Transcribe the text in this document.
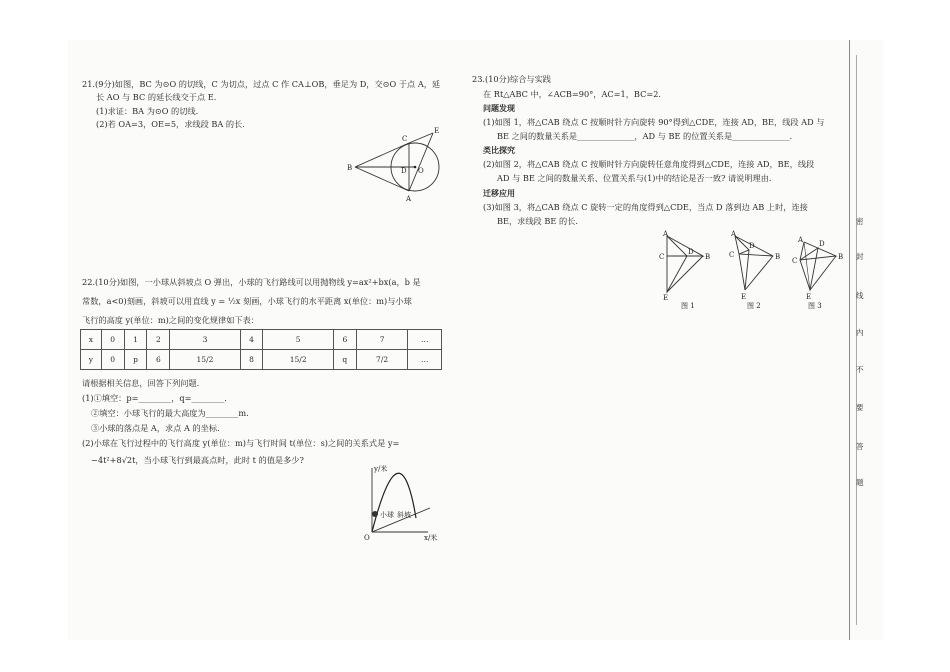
21.(9分)如图，BC 为⊙O 的切线，C 为切点，过点 C 作 CA⊥OB，垂足为 D，交⊙O 于点 A，延
长 AO 与 BC 的延长线交于点 E.
(1)求证：BA 为⊙O 的切线.
(2)若 OA=3，OE=5，求线段 BA 的长.
B
C
D O
A
E
22.(10分)如图，一小球从斜坡点 O 弹出，小球的飞行路线可以用抛物线 y=ax²+bx(a，b 是
常数，a<0)刻画，斜坡可以用直线 y = ½x 刻画，小球飞行的水平距离 x(单位：m)与小球
飞行的高度 y(单位：m)之间的变化规律如下表：
x	0	1	2	3	4	5	6	7	…
y	0	p	6	15/2	8	15/2	q	7/2	…
请根据相关信息，回答下列问题.
(1)①填空：p=________，q=________.
②填空：小球飞行的最大高度为________m.
③小球的落点是 A，求点 A 的坐标.
(2)小球在飞行过程中的飞行高度 y(单位：m)与飞行时间 t(单位：s)之间的关系式是 y=
−4t²+8√2t，当小球飞行到最高点时，此时 t 的值是多少?
y/米
x/米
O
小球 斜坡
23.(10分)综合与实践
在 Rt△ABC 中，∠ACB=90°，AC=1，BC=2.
问题发现
(1)如图 1，将△CAB 绕点 C 按顺时针方向旋转 90°得到△CDE，连接 AD，BE，线段 AD 与
BE 之间的数量关系是______________，AD 与 BE 的位置关系是______________.
类比探究
(2)如图 2，将△CAB 绕点 C 按顺时针方向旋转任意角度得到△CDE，连接 AD，BE，线段
AD 与 BE 之间的数量关系、位置关系与(1)中的结论是否一致? 请说明理由.
迁移应用
(3)如图 3，将△CAB 绕点 C 旋转一定的角度得到△CDE，当点 D 落到边 AB 上时，连接
BE，求线段 BE 的长.
A
B
C
D
E
图 1
A
B
C
D
E
图 2
A
B
C
D
E
图 3
密
封
线
内
不
要
答
题
